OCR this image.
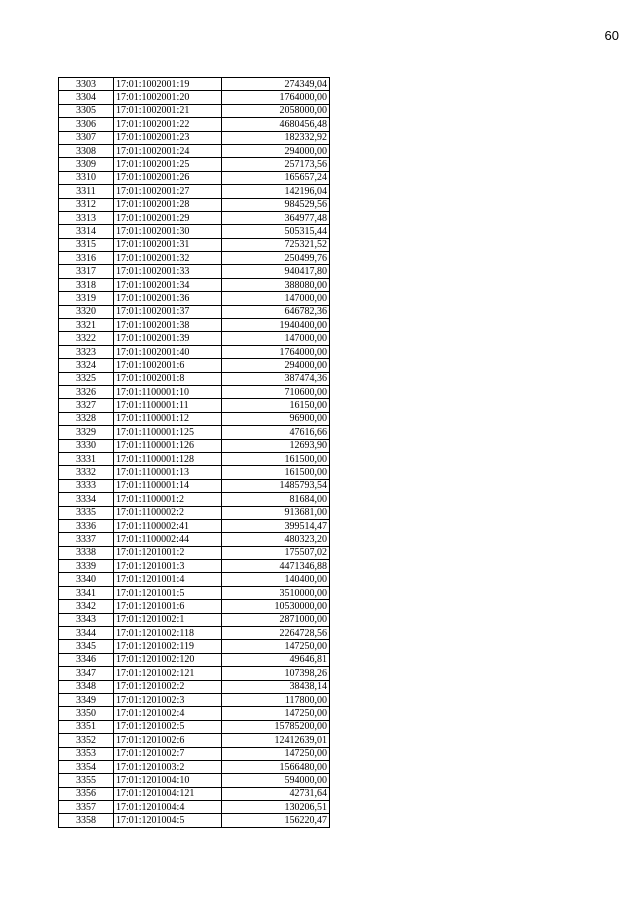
60
3303	17:01:1002001:19	274349,04
3304	17:01:1002001:20	1764000,00
3305	17:01:1002001:21	2058000,00
3306	17:01:1002001:22	4680456,48
3307	17:01:1002001:23	182332,92
3308	17:01:1002001:24	294000,00
3309	17:01:1002001:25	257173,56
3310	17:01:1002001:26	165657,24
3311	17:01:1002001:27	142196,04
3312	17:01:1002001:28	984529,56
3313	17:01:1002001:29	364977,48
3314	17:01:1002001:30	505315,44
3315	17:01:1002001:31	725321,52
3316	17:01:1002001:32	250499,76
3317	17:01:1002001:33	940417,80
3318	17:01:1002001:34	388080,00
3319	17:01:1002001:36	147000,00
3320	17:01:1002001:37	646782,36
3321	17:01:1002001:38	1940400,00
3322	17:01:1002001:39	147000,00
3323	17:01:1002001:40	1764000,00
3324	17:01:1002001:6	294000,00
3325	17:01:1002001:8	387474,36
3326	17:01:1100001:10	710600,00
3327	17:01:1100001:11	16150,00
3328	17:01:1100001:12	96900,00
3329	17:01:1100001:125	47616,66
3330	17:01:1100001:126	12693,90
3331	17:01:1100001:128	161500,00
3332	17:01:1100001:13	161500,00
3333	17:01:1100001:14	1485793,54
3334	17:01:1100001:2	81684,00
3335	17:01:1100002:2	913681,00
3336	17:01:1100002:41	399514,47
3337	17:01:1100002:44	480323,20
3338	17:01:1201001:2	175507,02
3339	17:01:1201001:3	4471346,88
3340	17:01:1201001:4	140400,00
3341	17:01:1201001:5	3510000,00
3342	17:01:1201001:6	10530000,00
3343	17:01:1201002:1	2871000,00
3344	17:01:1201002:118	2264728,56
3345	17:01:1201002:119	147250,00
3346	17:01:1201002:120	49646,81
3347	17:01:1201002:121	107398,26
3348	17:01:1201002:2	38438,14
3349	17:01:1201002:3	117800,00
3350	17:01:1201002:4	147250,00
3351	17:01:1201002:5	15785200,00
3352	17:01:1201002:6	12412639,01
3353	17:01:1201002:7	147250,00
3354	17:01:1201003:2	1566480,00
3355	17:01:1201004:10	594000,00
3356	17:01:1201004:121	42731,64
3357	17:01:1201004:4	130206,51
3358	17:01:1201004:5	156220,47
